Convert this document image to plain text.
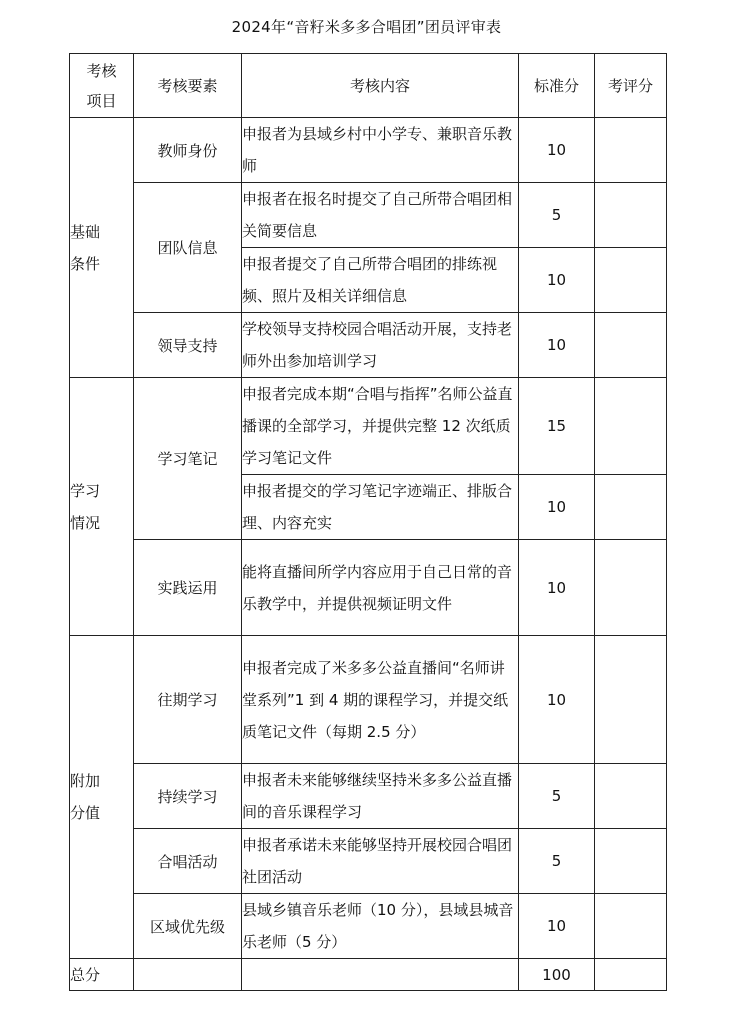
2024年“音籽米多多合唱团”团员评审表
考核
项目	考核要素	考核内容	标准分	考评分
基础
条件	教师身份	申报者为县域乡村中小学专、兼职音乐教师	10	
	团队信息	申报者在报名时提交了自己所带合唱团相关简要信息	5	
		申报者提交了自己所带合唱团的排练视频、照片及相关详细信息	10	
	领导支持	学校领导支持校园合唱活动开展，支持老师外出参加培训学习	10	
学习
情况	学习笔记	申报者完成本期“合唱与指挥”名师公益直播课的全部学习，并提供完整 12 次纸质学习笔记文件	15	
		申报者提交的学习笔记字迹端正、排版合理、内容充实	10	
	实践运用	能将直播间所学内容应用于自己日常的音乐教学中，并提供视频证明文件	10	
附加
分值	往期学习	申报者完成了米多多公益直播间“名师讲堂系列”1 到 4 期的课程学习，并提交纸质笔记文件（每期 2.5 分）	10	
	持续学习	申报者未来能够继续坚持米多多公益直播间的音乐课程学习	5	
	合唱活动	申报者承诺未来能够坚持开展校园合唱团社团活动	5	
	区域优先级	县域乡镇音乐老师（10 分），县域县城音乐老师（5 分）	10	
总分			100	
